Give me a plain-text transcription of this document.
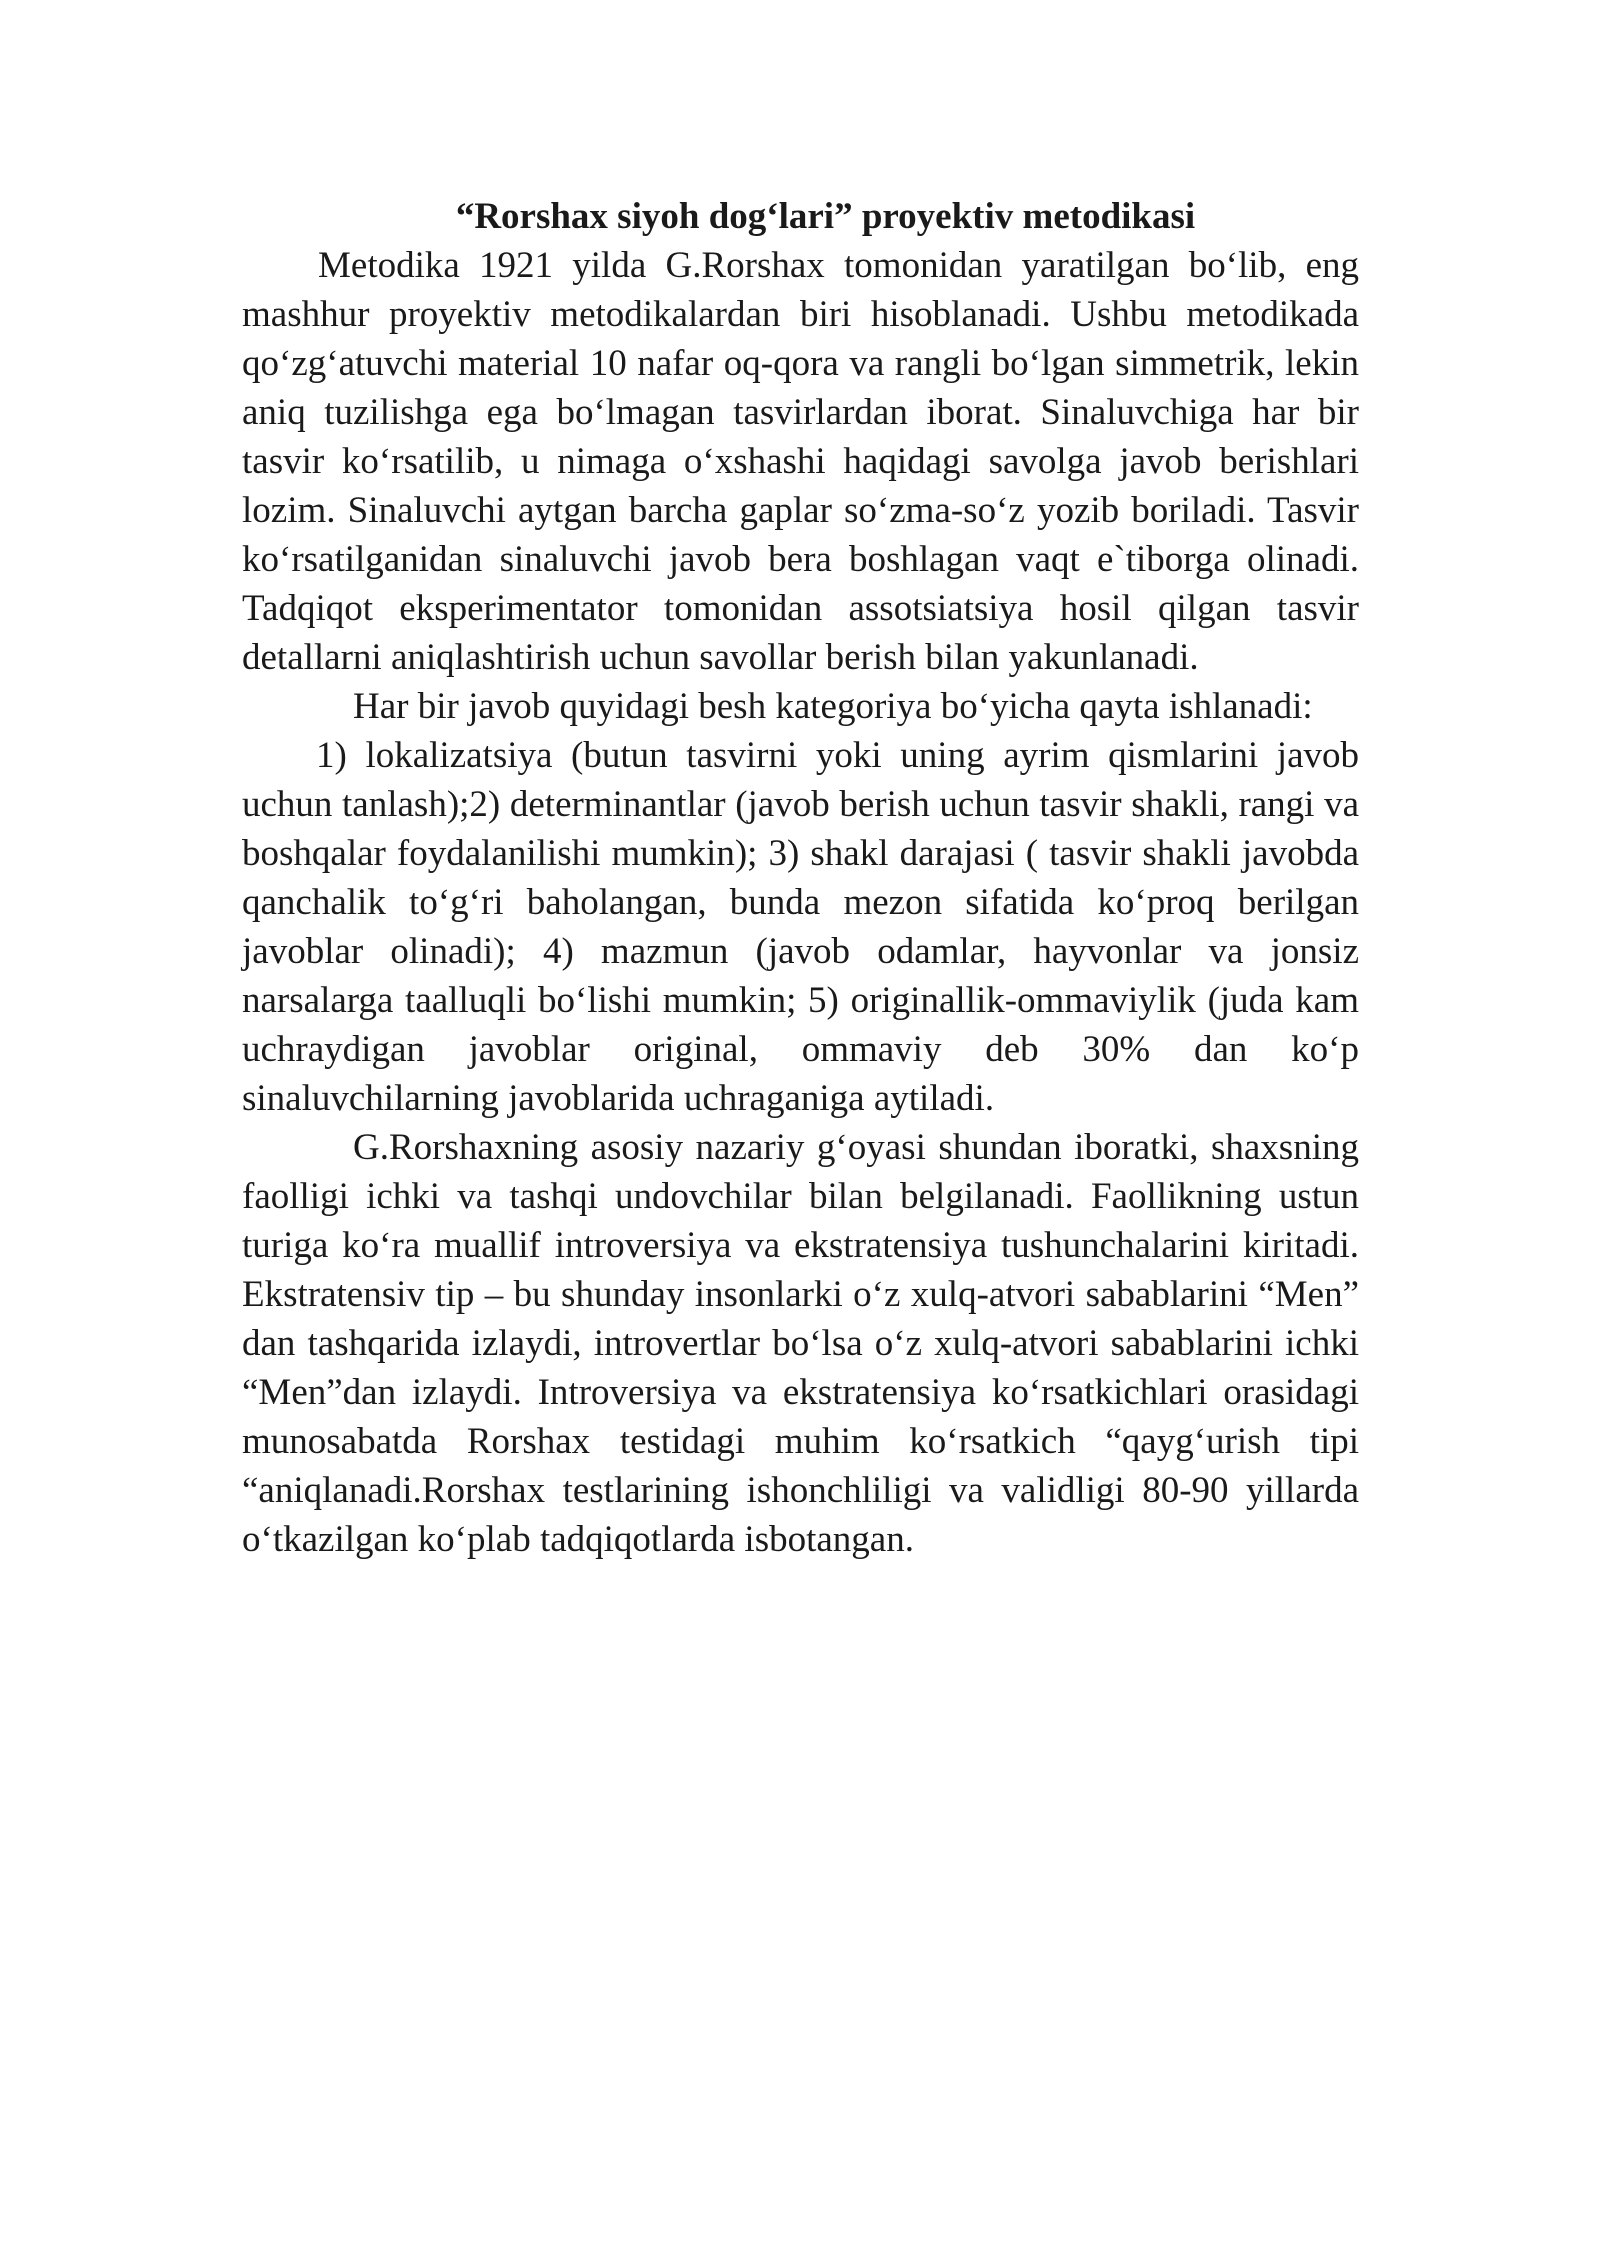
“Rorshax siyoh dog‘lari” proyektiv metodikasi

Metodika 1921 yilda G.Rorshax tomonidan yaratilgan bo‘lib, eng mashhur proyektiv metodikalardan biri hisoblanadi. Ushbu metodikada qo‘zg‘atuvchi material 10 nafar oq-qora va rangli bo‘lgan simmetrik, lekin aniq tuzilishga ega bo‘lmagan tasvirlardan iborat. Sinaluvchiga har bir tasvir ko‘rsatilib, u nimaga o‘xshashi haqidagi savolga javob berishlari lozim. Sinaluvchi aytgan barcha gaplar so‘zma-so‘z yozib boriladi. Tasvir ko‘rsatilganidan sinaluvchi javob bera boshlagan vaqt e`tiborga olinadi. Tadqiqot eksperimentator tomonidan assotsiatsiya hosil qilgan tasvir detallarni aniqlashtirish uchun savollar berish bilan yakunlanadi.

Har bir javob quyidagi besh kategoriya bo‘yicha qayta ishlanadi:

1) lokalizatsiya (butun tasvirni yoki uning ayrim qismlarini javob uchun tanlash);2) determinantlar (javob berish uchun tasvir shakli, rangi va boshqalar foydalanilishi mumkin); 3) shakl darajasi ( tasvir shakli javobda qanchalik to‘g‘ri baholangan, bunda mezon sifatida ko‘proq berilgan javoblar olinadi); 4) mazmun (javob odamlar, hayvonlar va jonsiz narsalarga taalluqli bo‘lishi mumkin; 5) originallik-ommaviylik (juda kam uchraydigan javoblar original, ommaviy deb 30% dan ko‘p sinaluvchilarning javoblarida uchraganiga aytiladi.

G.Rorshaxning asosiy nazariy g‘oyasi shundan iboratki, shaxsning faolligi ichki va tashqi undovchilar bilan belgilanadi. Faollikning ustun turiga ko‘ra muallif introversiya va ekstratensiya tushunchalarini kiritadi. Ekstratensiv tip – bu shunday insonlarki o‘z xulq-atvori sabablarini “Men” dan tashqarida izlaydi, introvertlar bo‘lsa o‘z xulq-atvori sabablarini ichki “Men”dan izlaydi. Introversiya va ekstratensiya ko‘rsatkichlari orasidagi munosabatda Rorshax testidagi muhim ko‘rsatkich “qayg‘urish tipi “aniqlanadi.Rorshax testlarining ishonchliligi va validligi 80-90 yillarda o‘tkazilgan ko‘plab tadqiqotlarda isbotangan.
